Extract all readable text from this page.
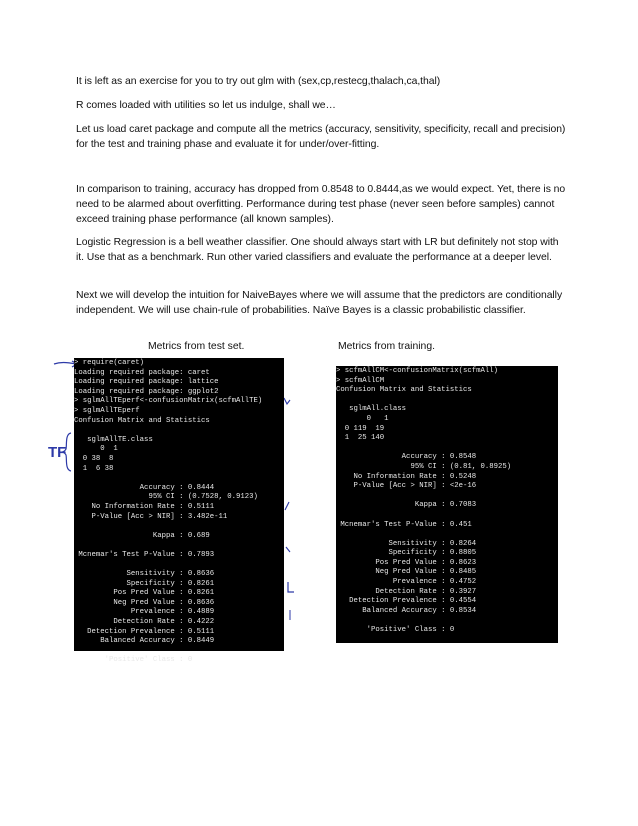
It is left as an exercise for you to try out glm with (sex,cp,restecg,thalach,ca,thal)

R comes loaded with utilities so let us indulge, shall we…

Let us load caret package and compute all the metrics (accuracy, sensitivity, specificity, recall and precision) for the test and training phase and evaluate it for under/over-fitting.

In comparison to training, accuracy has dropped from 0.8548 to 0.8444,as we would expect. Yet, there is no need to be alarmed about overfitting. Performance during test phase (never seen before samples) cannot exceed training phase performance (all known samples).

Logistic Regression is a bell weather classifier. One should always start with LR but definitely not stop with it. Use that as a benchmark. Run other varied classifiers and evaluate the performance at a deeper level.

Next we will develop the intuition for NaiveBayes where we will assume that the predictors are conditionally independent. We will use chain-rule of probabilities. Naïve Bayes is a classic probabilistic classifier.

Metrics from test set.	Metrics from training.
TF
> require(caret)
Loading required package: caret
Loading required package: lattice
Loading required package: ggplot2
> sglmAllTEperf<-confusionMatrix(scfmAllTE)
> sglmAllTEperf
Confusion Matrix and Statistics
sglmAllTE.class
0  1
0 38  8
1  6 38
Accuracy : 0.8444
95% CI : (0.7528, 0.9123)
No Information Rate : 0.5111
P-Value [Acc > NIR] : 3.482e-11
Kappa : 0.689
Mcnemar's Test P-Value : 0.7893
Sensitivity : 0.8636
Specificity : 0.8261
Pos Pred Value : 0.8261
Neg Pred Value : 0.8636
Prevalence : 0.4889
Detection Rate : 0.4222
Detection Prevalence : 0.5111
Balanced Accuracy : 0.8449
'Positive' Class : 0
> scfmAllCM<-confusionMatrix(scfmAll)
> scfmAllCM
Confusion Matrix and Statistics
sglmAll.class
0   1
0 119  19
1  25 140
Accuracy : 0.8548
95% CI : (0.81, 0.8925)
No Information Rate : 0.5248
P-Value [Acc > NIR] : <2e-16
Kappa : 0.7083
Mcnemar's Test P-Value : 0.451
Sensitivity : 0.8264
Specificity : 0.8805
Pos Pred Value : 0.8623
Neg Pred Value : 0.8485
Prevalence : 0.4752
Detection Rate : 0.3927
Detection Prevalence : 0.4554
Balanced Accuracy : 0.8534
'Positive' Class : 0
